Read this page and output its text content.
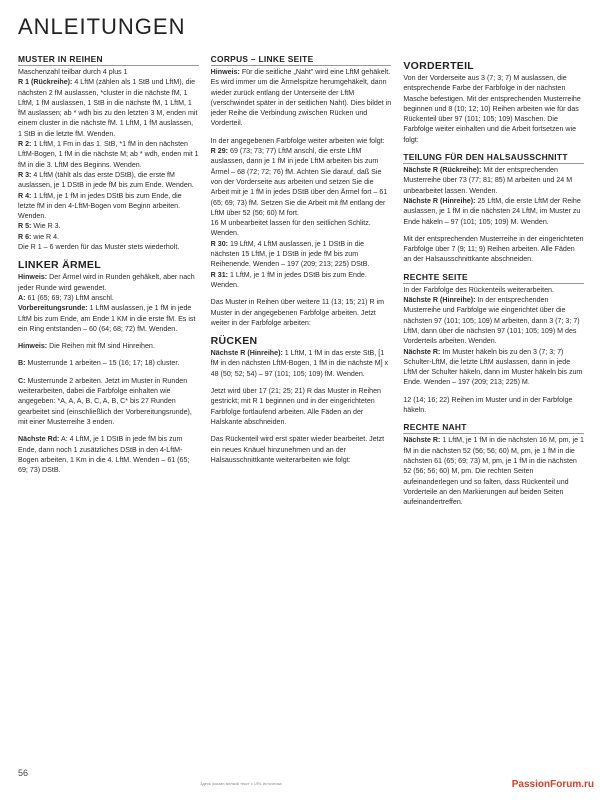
ANLEITUNGEN
MUSTER IN REIHEN

Maschenzahl teilbar durch 4 plus 1

R 1 (Rückreihe): 4 LftM (zählen als 1 StB und LftM), die nächsten 2 fM auslassen, *cluster in die nächste fM, 1 LftM, 1 fM auslassen, 1 StB in die nächste fM, 1 LftM, 1 fM auslassen; ab * wdh bis zu den letzten 3 M, enden mit einem cluster in die nächste fM. 1 LftM, 1 fM auslassen, 1 StB in die letzte fM. Wenden.

R 2: 1 LftM, 1 Fm in das 1. StB, *1 fM in den nächsten LftM-Bogen, 1 fM in die nächste M; ab * wdh, enden mit 1 fM in die 3. LftM des Beginns. Wenden.

R 3: 4 LftM (tählt als das erste DStB), die erste fM auslassen, je 1 DStB in jede fM bis zum Ende. Wenden.

R 4: 1 LftM, je 1 fM in jedes DStB bis zum Ende, die letzte fM in den 4-LftM-Bogen vom Beginn arbeiten. Wenden.

R 5: Wie R 3.

R 6: wie R 4.

Die R 1 – 6 werden für das Muster stets wiederholt.

LINKER ÄRMEL

Hinweis: Der Ärmel wird in Runden gehäkelt, aber nach jeder Runde wird gewendet.

A: 61 (65; 69; 73) LftM anschl.

Vorbereitungsrunde: 1 LftM auslassen, je 1 fM in jede LftM bis zum Ende, am Ende 1 KM in die erste fM. Es ist ein Ring entstanden – 60 (64; 68; 72) fM. Wenden.

Hinweis: Die Reihen mit fM sind Hinreihen.

B: Musterrunde 1 arbeiten – 15 (16; 17; 18) cluster.

C: Musterrunde 2 arbeiten. Jetzt im Muster in Runden weiterarbeiten, dabei die Farbfolge einhalten wie angegeben: *A, A, A, B, C, A, B, C* bis 27 Runden gearbeitet sind (einschließlich der Vorbereitungsrunde), mit einer Musterreihe 3 enden.

Nächste Rd: A: 4 LftM, je 1 DStB in jede fM bis zum Ende, dann noch 1 zusätzliches DStB in den 4-LftM-Bogen arbeiten, 1 Km in die 4. LftM. Wenden – 61 (65; 69; 73) DStB.

CORPUS – LINKE SEITE

Hinweis: Für die seitliche „Naht" wird eine LftM gehäkelt. Es wird immer um die Ärmelspitze herumgehäkelt, dann wieder zurück entlang der Unterseite der LftM (verschwindet später in der seitlichen Naht). Dies bildet in jeder Reihe die Verbindung zwischen Rücken und Vorderteil.

In der angegebenen Farbfolge weiter arbeiten wie folgt:

R 29: 69 (73; 73; 77) LftM anschl, die erste LftM auslassen, dann je 1 fM in jede LftM arbeiten bis zum Ärmel – 68 (72; 72; 76) fM. Achten Sie darauf, daß Sie von der Vorderseite aus arbeiten und setzen Sie die Arbeit mit je 1 fM in jedes DStB über den Ärmel fort – 61 (65; 69; 73) fM. Setzen Sie die Arbeit mit fM entlang der LftM über 52 (56; 60) M fort.

16 M unbearbeitet lassen für den seitlichen Schlitz.

Wenden.

R 30: 19 LftM, 4 LftM auslassen, je 1 DStB in die nächsten 15 LftM, je 1 DStB in jede fM bis zum Reihenende. Wenden – 197 (209; 213; 225) DStB.

R 31: 1 LftM, je 1 fM in jedes DStB bis zum Ende. Wenden.

Das Muster in Reihen über weitere 11 (13; 15; 21) R im Muster in der angegebenen Farbfolge arbeiten. Jetzt weiter in der Farbfolge arbeiten:

RÜCKEN

Nächste R (Hinreihe): 1 LftM, 1 fM in das erste StB, [1 fM in den nächsten LftM-Bogen, 1 fM in die nächste M] x 48 (50; 52; 54) – 97 (101; 105; 109) fM. Wenden.

Jetzt wird über 17 (21; 25; 21) R das Muster in Reihen gestrickt; mit R 1 beginnen und in der eingerichteten Farbfolge fortlaufend arbeiten. Alle Fäden an der Halskante abschneiden.

Das Rückenteil wird erst später wieder bearbeitet. Jetzt ein neues Knäuel hinzunehmen und an der Halsausschnittkante weiterarbeiten wie folgt:

VORDERTEIL

Von der Vorderseite aus 3 (7; 3; 7) M auslassen, die entsprechende Farbe der Farbfolge in der nächsten Masche befestigen. Mit der entsprechenden Musterreihe beginnen und 8 (10; 12; 10) Reihen arbeiten wie für das Rückenteil über 97 (101; 105; 109) Maschen. Die Farbfolge weiter einhalten und die Arbeit fortsetzen wie folgt:

TEILUNG FÜR DEN HALSAUSSCHNITT

Nächste R (Rückreihe): Mit der entsprechenden Musterreihe über 73 (77; 81; 85) M arbeiten und 24 M unbearbeitet lassen. Wenden.

Nächste R (Hinreihe): 25 LftM, die erste LftM der Reihe auslassen, je 1 fM in die nächsten 24 LftM, im Muster zu Ende häkeln – 97 (101; 105; 109) M. Wenden.

Mit der entsprechenden Musterreihe in der eingerichteten Farbfolge über 7 (9; 11; 9) Reihen arbeiten. Alle Fäden an der Halsausschnittkante abschneiden.

RECHTE SEITE

In der Farbfolge des Rückenteils weiterarbeiten.

Nächste R (Hinreihe): In der entsprechenden Musterreihe und Farbfolge wie eingerichtet über die nächsten 97 (101; 105; 109) M arbeiten, dann 3 (7; 3; 7) LftM, dann über die nächsten 97 (101; 105; 109) M des Vorderteils arbeiten. Wenden.

Nächste R: Im Muster häkeln bis zu den 3 (7; 3; 7) Schulter-LftM, die letzte LftM auslassen, dann in jede LftM der Schulter häkeln, dann im Muster häkeln bis zum Ende. Wenden – 197 (209; 213; 225) M.

12 (14; 16; 22) Reihen im Muster und in der Farbfolge häkeln.

RECHTE NAHT

Nächste R: 1 LftM, je 1 fM in die nächsten 16 M, pm, je 1 fM in die nächsten 52 (56; 56; 60) M, pm, je 1 fM in die nächsten 61 (65; 69; 73) M, pm, je 1 fM in die nächsten 52 (56; 56; 60) M, pm. Die rechten Seiten aufeinanderlegen und so falten, dass Rückenteil und Vorderteile an den Markierungen auf beiden Seiten aufeinandertreffen.

56
Здесь указан мелкий текст с URL источника	PassionForum.ru
